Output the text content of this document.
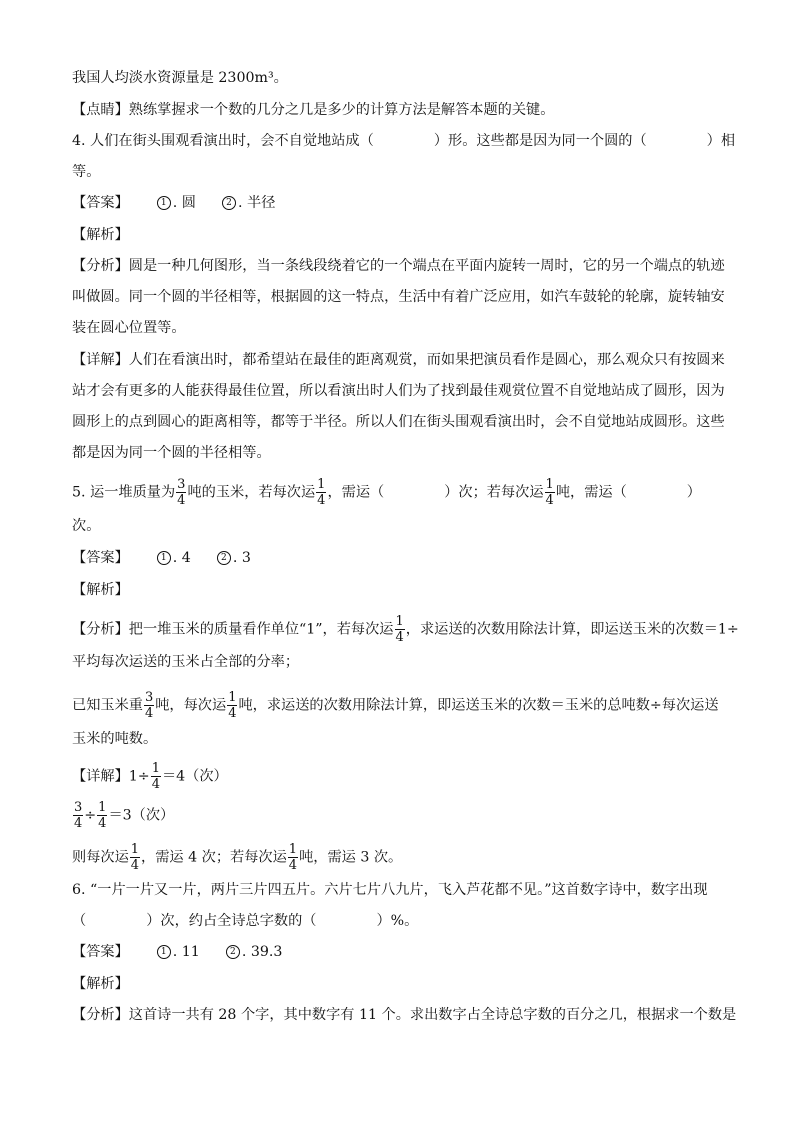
我国人均淡水资源量是 2300m³。
【点睛】熟练掌握求一个数的几分之几是多少的计算方法是解答本题的关键。
4. 人们在街头围观看演出时，会不自觉地站成（	）形。这些都是因为同一个圆的（	）相
等。
【答案】	1 . 圆	2 . 半径
【解析】
【分析】圆是一种几何图形，当一条线段绕着它的一个端点在平面内旋转一周时，它的另一个端点的轨迹
叫做圆。同一个圆的半径相等，根据圆的这一特点，生活中有着广泛应用，如汽车鼓轮的轮廓，旋转轴安
装在圆心位置等。
【详解】人们在看演出时，都希望站在最佳的距离观赏，而如果把演员看作是圆心，那么观众只有按圆来
站才会有更多的人能获得最佳位置，所以看演出时人们为了找到最佳观赏位置不自觉地站成了圆形，因为
圆形上的点到圆心的距离相等，都等于半径。所以人们在街头围观看演出时，会不自觉地站成圆形。这些
都是因为同一个圆的半径相等。
5. 运一堆质量为 $\frac{3}{4}$ 吨的玉米，若每次运 $\frac{1}{4}$ ，需运（	）次；若每次运 $\frac{1}{4}$ 吨，需运（	）
次。
【答案】	1 . 4	2 . 3
【解析】
【分析】把一堆玉米的质量看作单位“1”，若每次运 $\frac{1}{4}$ ，求运送的次数用除法计算，即运送玉米的次数＝1÷
平均每次运送的玉米占全部的分率；
已知玉米重 $\frac{3}{4}$ 吨，每次运 $\frac{1}{4}$ 吨，求运送的次数用除法计算，即运送玉米的次数＝玉米的总吨数÷每次运送
玉米的吨数。
【详解】$1\div \frac{1}{4} =4$（次）
$\frac{3}{4} \div \frac{1}{4} =3$（次）
则每次运 $\frac{1}{4}$ ，需运 4 次；若每次运 $\frac{1}{4}$ 吨，需运 3 次。
6. “一片一片又一片，两片三片四五片。六片七片八九片，飞入芦花都不见。”这首数字诗中，数字出现
（	）次，约占全诗总字数的（	）%。
【答案】	1 . 11	2 . 39.3
【解析】
【分析】这首诗一共有 28 个字，其中数字有 11 个。求出数字占全诗总字数的百分之几，根据求一个数是
